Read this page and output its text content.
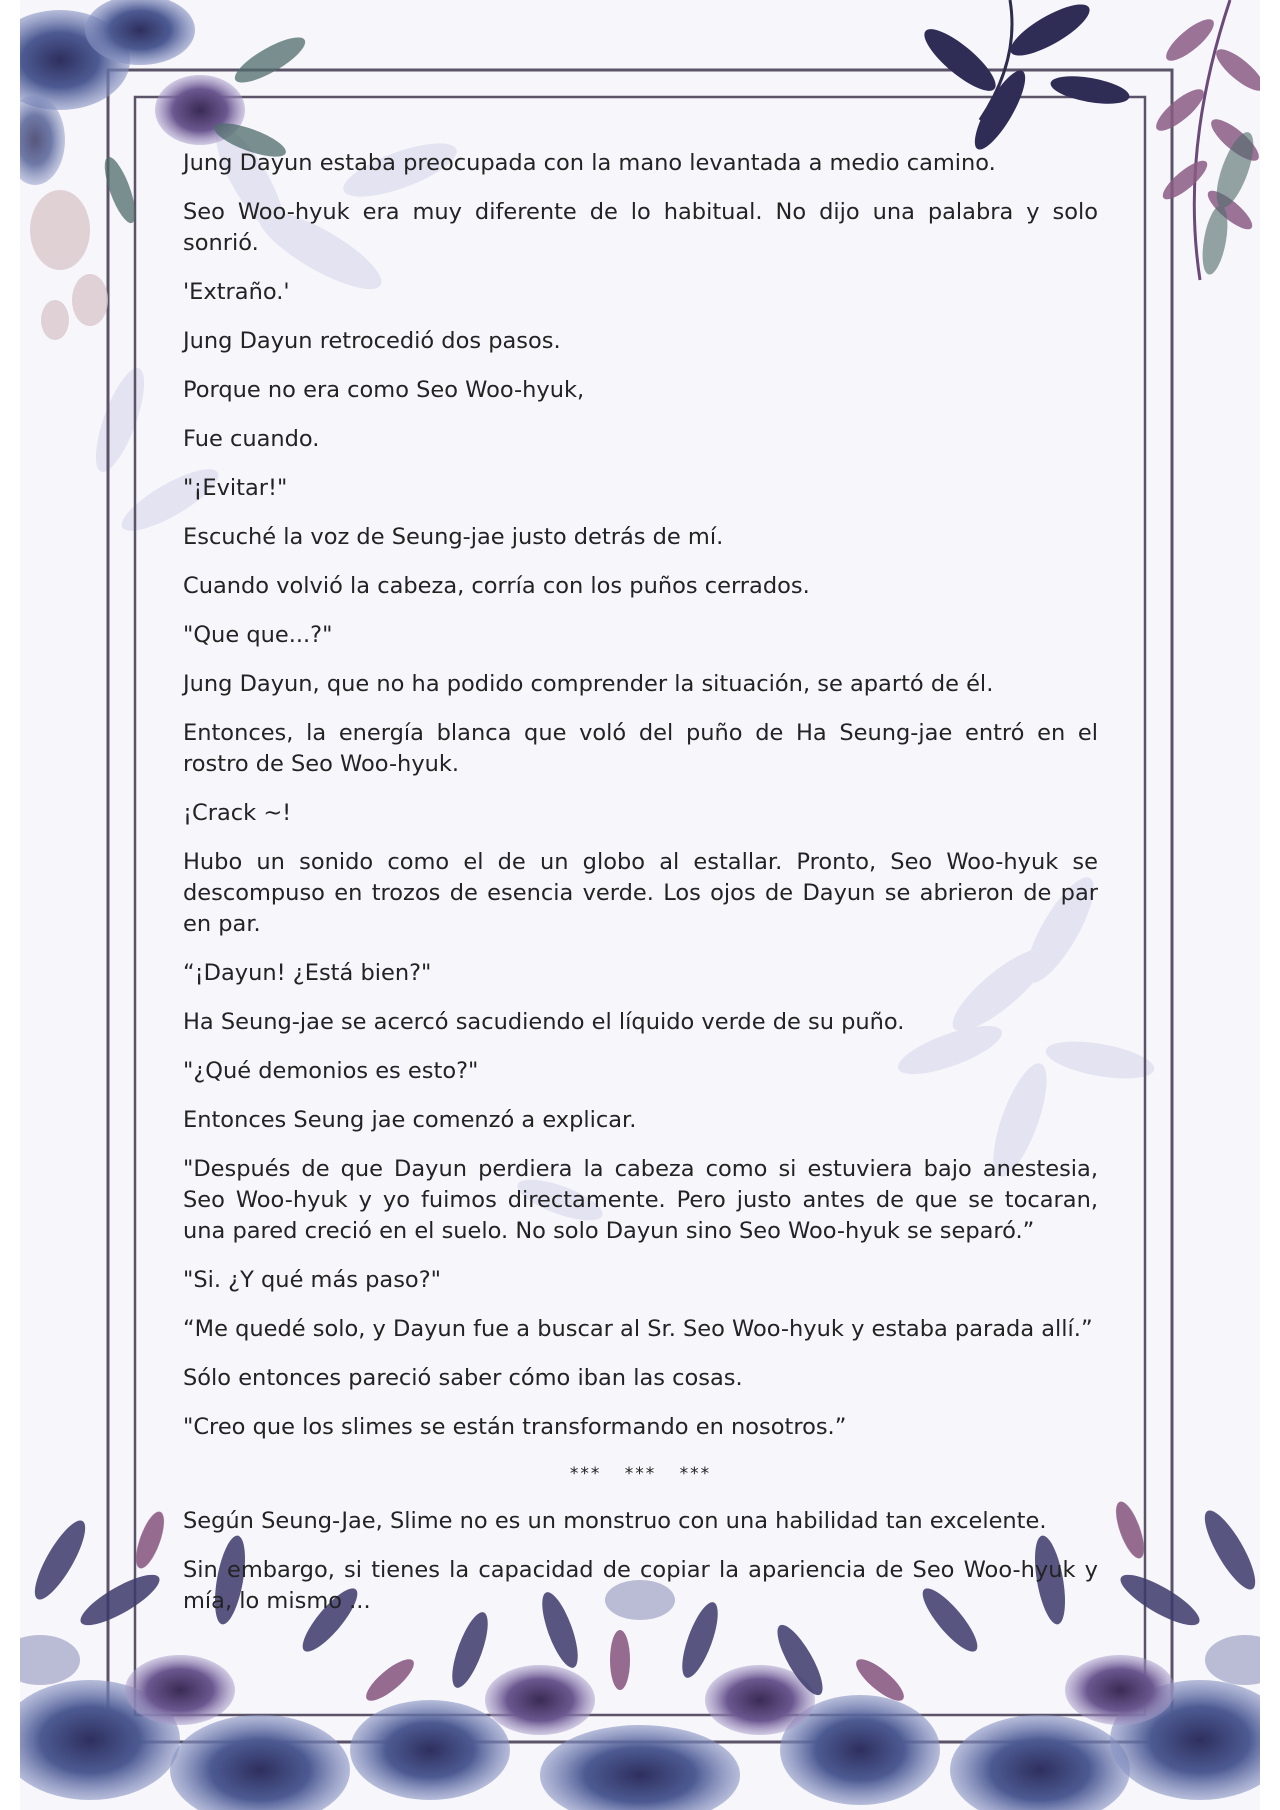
Jung Dayun estaba preocupada con la mano levantada a medio camino.

Seo Woo-hyuk era muy diferente de lo habitual. No dijo una palabra y solo sonrió.

'Extraño.'

Jung Dayun retrocedió dos pasos.

Porque no era como Seo Woo-hyuk,

Fue cuando.

"¡Evitar!"

Escuché la voz de Seung-jae justo detrás de mí.

Cuando volvió la cabeza, corría con los puños cerrados.

"Que que...?"

Jung Dayun, que no ha podido comprender la situación, se apartó de él.

Entonces, la energía blanca que voló del puño de Ha Seung-jae entró en el rostro de Seo Woo-hyuk.

¡Crack ~!

Hubo un sonido como el de un globo al estallar. Pronto, Seo Woo-hyuk se descompuso en trozos de esencia verde. Los ojos de Dayun se abrieron de par en par.

“¡Dayun! ¿Está bien?"

Ha Seung-jae se acercó sacudiendo el líquido verde de su puño.

"¿Qué demonios es esto?"

Entonces Seung jae comenzó a explicar.

"Después de que Dayun perdiera la cabeza como si estuviera bajo anestesia, Seo Woo-hyuk y yo fuimos directamente. Pero justo antes de que se tocaran, una pared creció en el suelo. No solo Dayun sino Seo Woo-hyuk se separó.”

"Si. ¿Y qué más paso?"

“Me quedé solo, y Dayun fue a buscar al Sr. Seo Woo-hyuk y estaba parada allí.”

Sólo entonces pareció saber cómo iban las cosas.

"Creo que los slimes se están transformando en nosotros.”

*** *** ***

Según Seung-Jae, Slime no es un monstruo con una habilidad tan excelente.

Sin embargo, si tienes la capacidad de copiar la apariencia de Seo Woo-hyuk y mía, lo mismo ...
